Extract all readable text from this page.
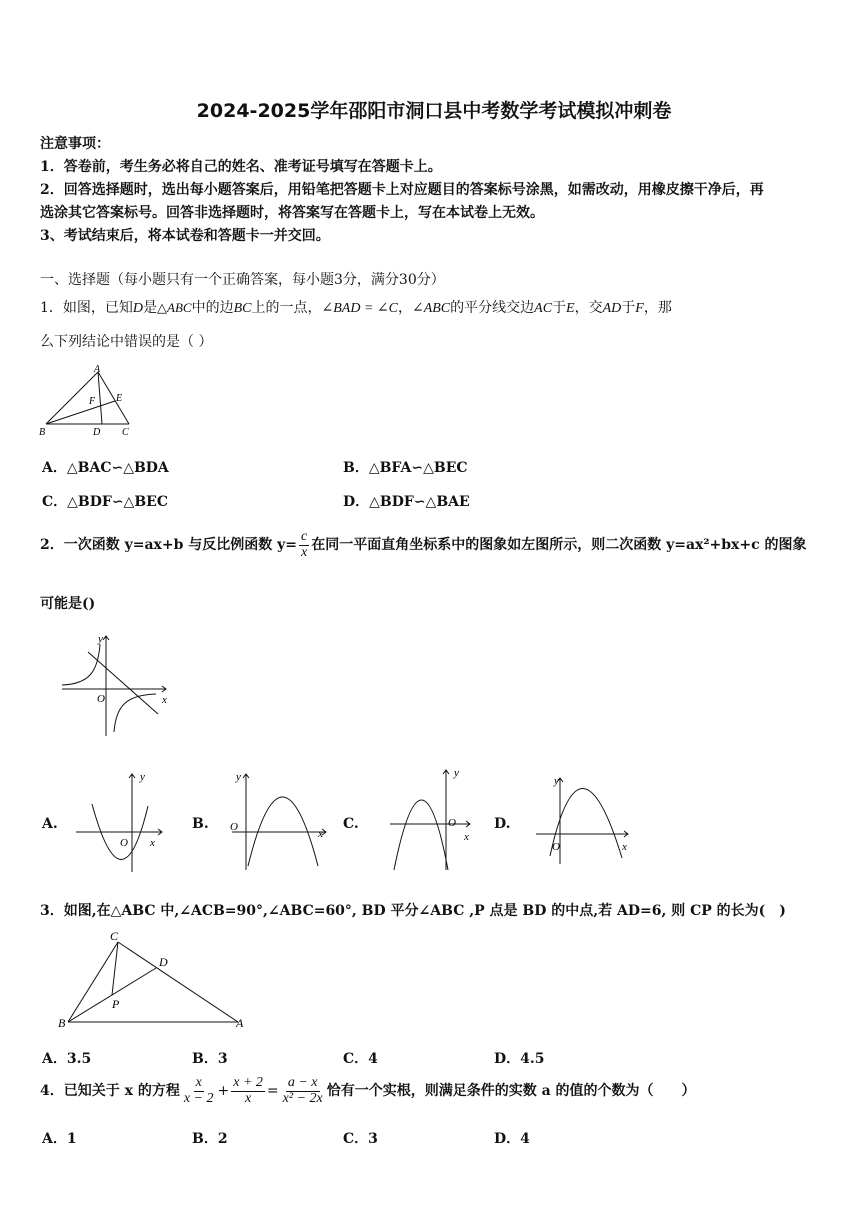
2024-2025学年邵阳市洞口县中考数学考试模拟冲刺卷
注意事项：
1．答卷前，考生务必将自己的姓名、准考证号填写在答题卡上。
2．回答选择题时，选出每小题答案后，用铅笔把答题卡上对应题目的答案标号涂黑，如需改动，用橡皮擦干净后，再
选涂其它答案标号。回答非选择题时，将答案写在答题卡上，写在本试卷上无效。
3、考试结束后，将本试卷和答题卡一并交回。
一、选择题（每小题只有一个正确答案，每小题3分，满分30分）
1．如图，已知D是△ABC中的边BC上的一点，∠BAD = ∠C，∠ABC的平分线交边AC于E，交AD于F，那
么下列结论中错误的是（ ）
A
B	C
D
E
F
A．△BAC∽△BDA	B．△BFA∽△BEC
C．△BDF∽△BEC	D．△BDF∽△BAE
2．一次函数 y=ax+b 与反比例函数 $y= \frac{c}{x}$ 在同一平面直角坐标系中的图象如左图所示，则二次函数 y=ax²+bx+c 的图象
可能是()
y
x
O
A.
y
x
O
B.
y
x
O	C.
y
x
O	D.
y
x
O
3．如图,在△ABC 中,∠ACB=90°,∠ABC=60°, BD 平分∠ABC ,P 点是 BD 的中点,若 AD=6, 则 CP 的长为(　)
C
D
P
B	A
A．3.5	B．3	C．4	D．4.5
4．已知关于 x 的方程 $\frac{x}{x - 2} + \frac{x + 2}{x} = \frac{a - x}{\text{x² − 2x}}$ 恰有一个实根，则满足条件的实数 a 的值的个数为（　　）
A．1	B．2	C．3	D．4
